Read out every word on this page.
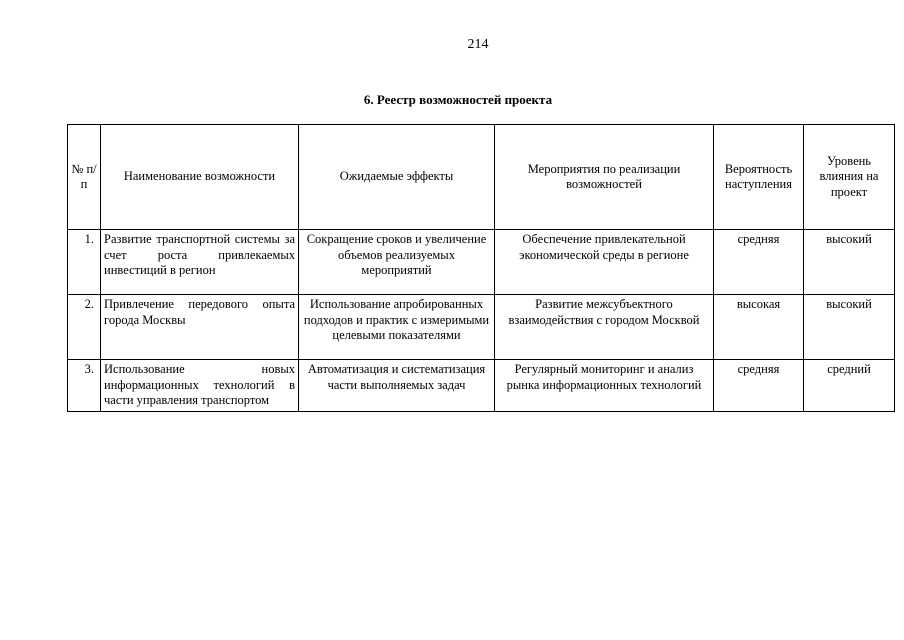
214
6. Реестр возможностей проекта
№ п/п	Наименование возможности	Ожидаемые эффекты	Мероприятия по реализации возможностей	Вероятность наступления	Уровень влияния на проект
1.	Развитие транспортной системы за счет роста привлекаемых инвестиций в регион	Сокращение сроков и увеличение объемов реализуемых мероприятий	Обеспечение привлекательной экономической среды в регионе	средняя	высокий
2.	Привлечение передового опыта города Москвы	Использование апробированных подходов и практик с измеримыми целевыми показателями	Развитие межсубъектного взаимодействия с городом Москвой	высокая	высокий
3.	Использование новых информационных технологий в части управления транспортом	Автоматизация и систематизация части выполняемых задач	Регулярный мониторинг и анализ рынка информационных технологий	средняя	средний
